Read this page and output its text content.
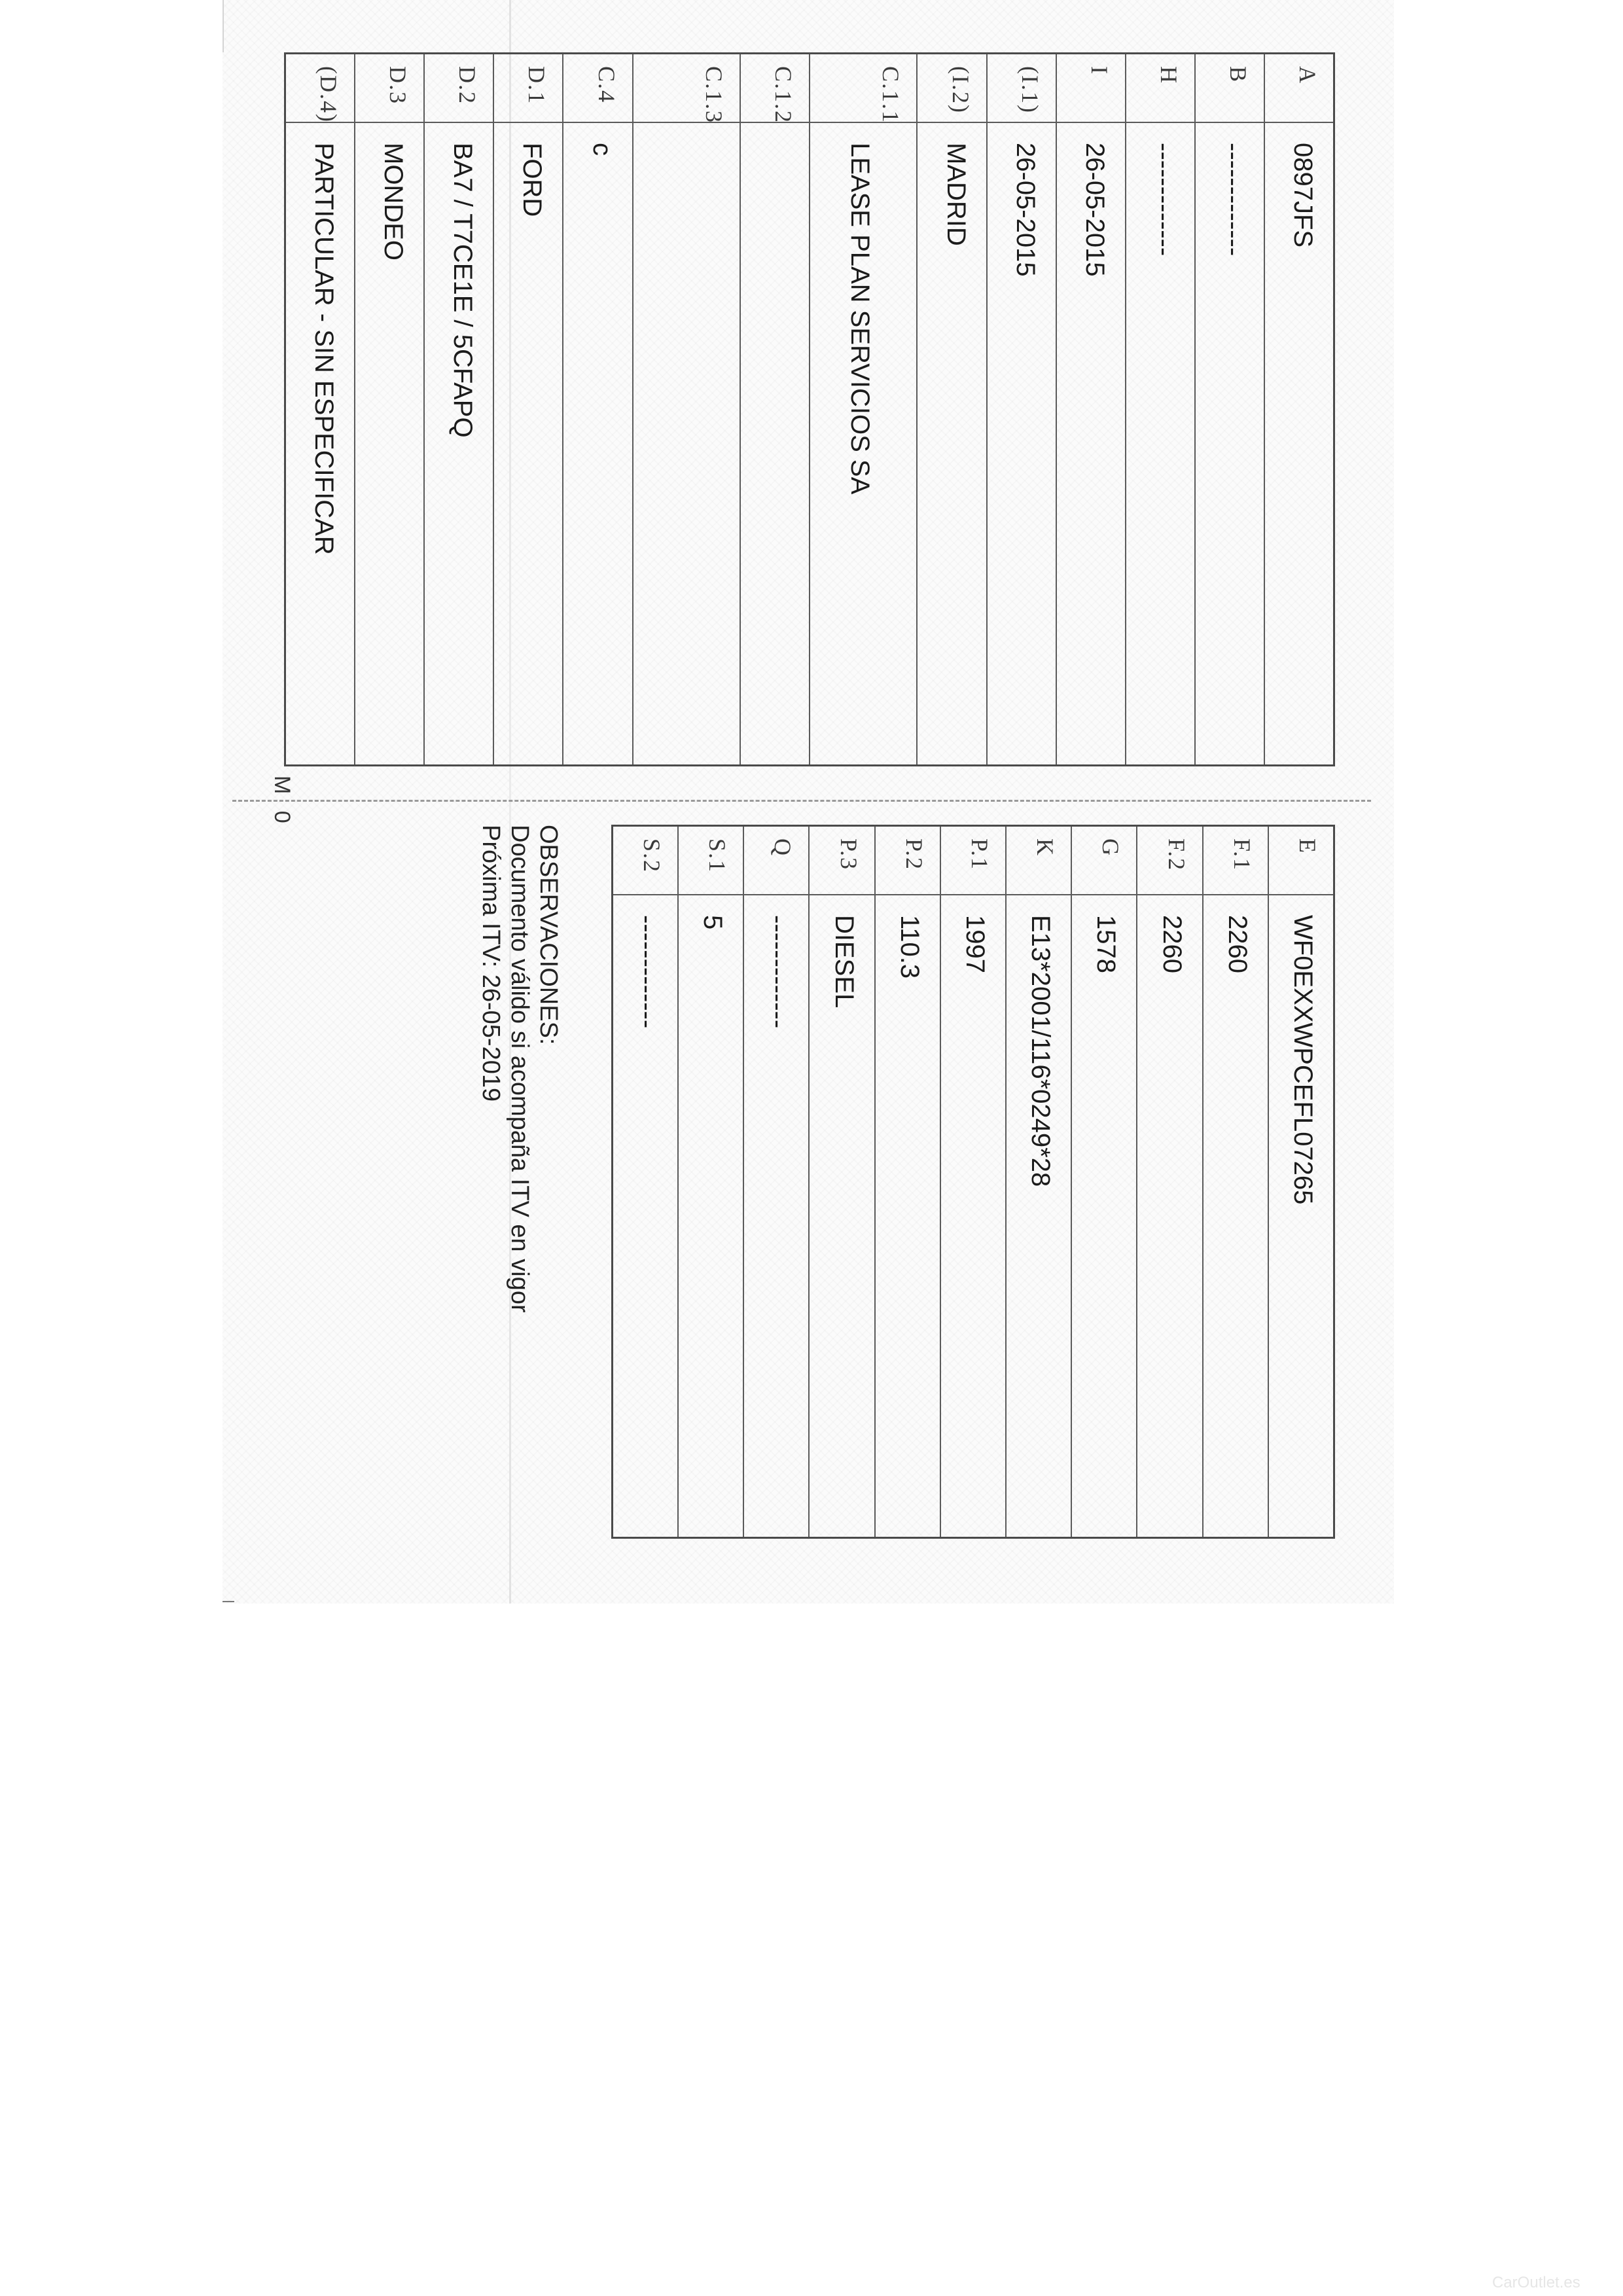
A
0897JFS
B
-------------
H
-------------
I
26-05-2015
(I.1)
26-05-2015
(I.2)
MADRID
C.1.1
LEASE PLAN SERVICIOS SA
C.1.2
C.1.3
C.4
c
D.1
FORD
D.2
BA7 / T7CE1E / 5CFAPQ
D.3
MONDEO
(D.4)
PARTICULAR - SIN ESPECIFICAR
M 0
E
WF0EXXWPCEFL07265
F.1
2260
F.2
2260
G
1578
K
E13*2001/116*0249*28
P.1
1997
P.2
110.3
P.3
DIESEL
Q
-------------
S.1
5
S.2
-------------
OBSERVACIONES:
Documento válido si acompaña ITV en vigor
Próxima ITV: 26-05-2019
CarOutlet.es
